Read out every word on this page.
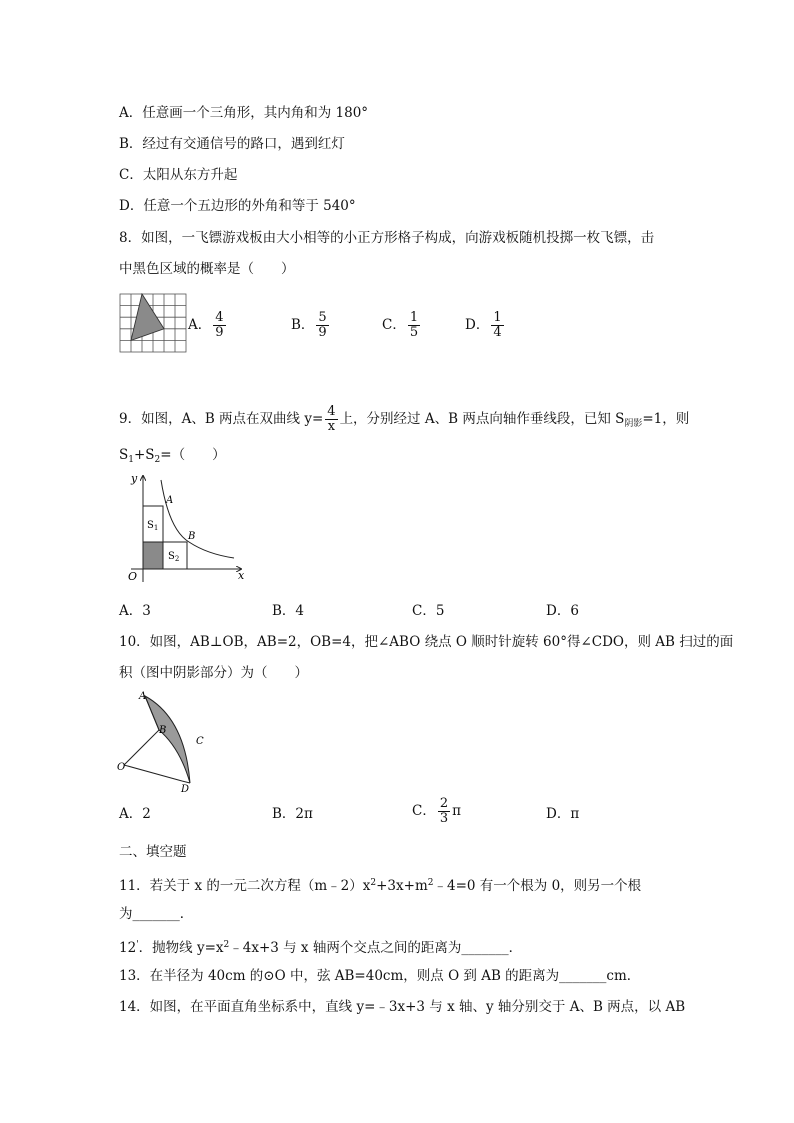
A．任意画一个三角形，其内角和为 180°
B．经过有交通信号的路口，遇到红灯
C．太阳从东方升起
D．任意一个五边形的外角和等于 540°
8．如图，一飞镖游戏板由大小相等的小正方形格子构成，向游戏板随机投掷一枚飞镖，击
中黑色区域的概率是（　　）
A． $\frac{4}{9}$	B． $\frac{5}{9}$	C． $\frac{1}{5}$	D． $\frac{1}{4}$
9．如图，A、B 两点在双曲线 $y= \frac{4}{x}$ 上，分别经过 A、B 两点向轴作垂线段，已知 $S_{阴影}=1$，则
$S_1+S_2=$（　　）
y
x
O
A
B
$S_1$
$S_2$
A．3	B．4	C．5	D．6
10．如图，AB⊥OB，AB=2，OB=4，把∠ABO 绕点 O 顺时针旋转 60°得∠CDO，则 AB 扫过的面
积（图中阴影部分）为（　　）
A
B
C
D
O
A．2	B．2π	C． $\frac{2}{3}$ π	D．π
二、填空题
11．若关于 x 的一元二次方程$(m﹣2)x^2+3x+m^2﹣4=0$ 有一个根为 0，则另一个根
为_______．
12'．抛物线 $y=x^2﹣4x+3$ 与 x 轴两个交点之间的距离为_______．
13．在半径为 40cm 的⊙O 中，弦 AB=40cm，则点 O 到 AB 的距离为_______cm．
14．如图，在平面直角坐标系中，直线 y=﹣3x+3 与 x 轴、y 轴分别交于 A、B 两点，以 AB
